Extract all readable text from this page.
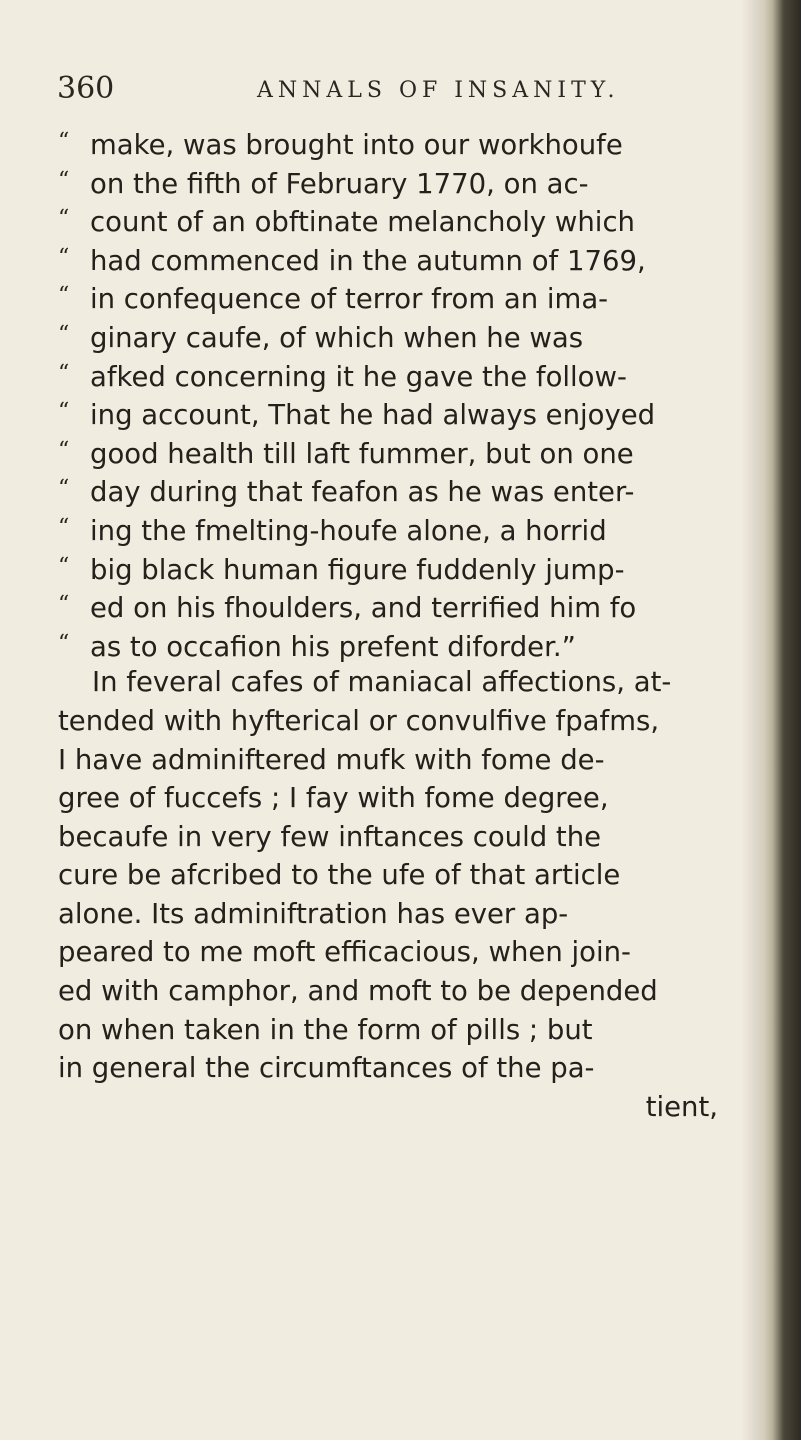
360	ANNALS OF INSANITY.
“ make, was brought into our workhoufe
“ on the fifth of February 1770, on ac-
“ count of an obftinate melancholy which
“ had commenced in the autumn of 1769,
“ in confequence of terror from an ima-
“ ginary caufe, of which when he was
“ afked concerning it he gave the follow-
“ ing account, That he had always enjoyed
“ good health till laft fummer, but on one
“ day during that feafon as he was enter-
“ ing the fmelting-houfe alone, a horrid
“ big black human figure fuddenly jump-
“ ed on his fhoulders, and terrified him fo
“ as to occafion his prefent diforder.”
In feveral cafes of maniacal affections, at-
tended with hyfterical or convulfive fpafms,
I have adminiftered mufk with fome de-
gree of fuccefs ; I fay with fome degree,
becaufe in very few inftances could the
cure be afcribed to the ufe of that article
alone. Its adminiftration has ever ap-
peared to me moft efficacious, when join-
ed with camphor, and moft to be depended
on when taken in the form of pills ; but
in general the circumftances of the pa-
tient,
